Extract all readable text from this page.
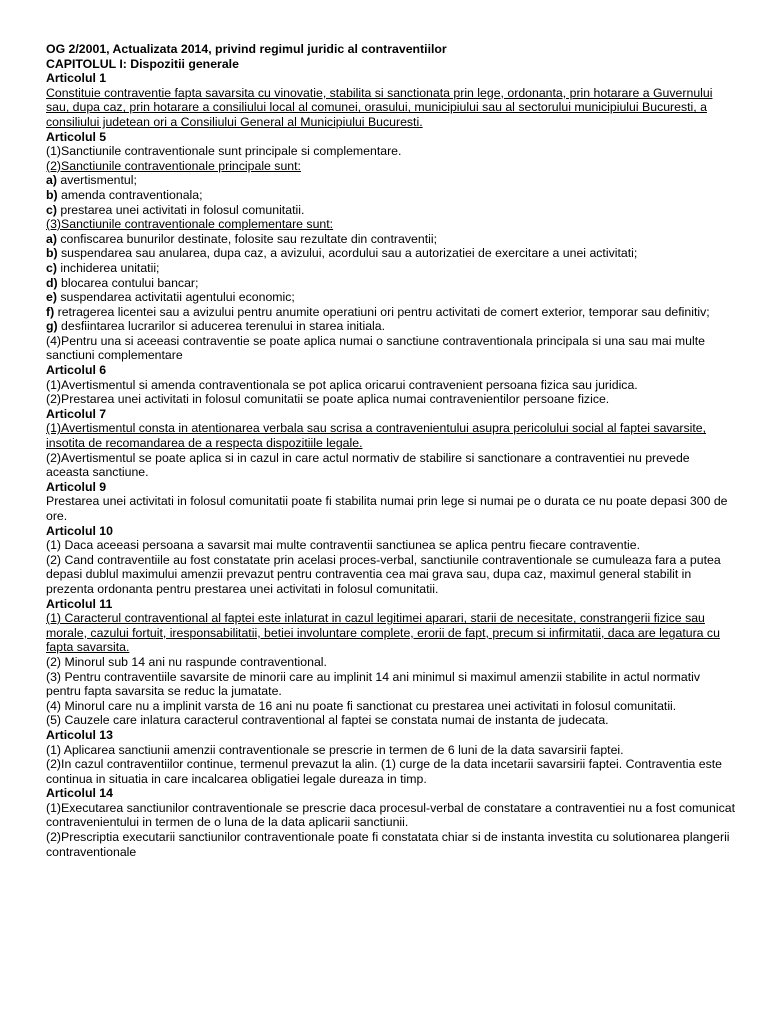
OG 2/2001, Actualizata 2014, privind regimul juridic al contraventiilor

CAPITOLUL I: Dispozitii generale

Articolul 1

Constituie contraventie fapta savarsita cu vinovatie, stabilita si sanctionata prin lege, ordonanta, prin hotarare a Guvernului sau, dupa caz, prin hotarare a consiliului local al comunei, orasului, municipiului sau al sectorului municipiului Bucuresti, a consiliului judetean ori a Consiliului General al Municipiului Bucuresti.

Articolul 5

(1)Sanctiunile contraventionale sunt principale si complementare.

(2)Sanctiunile contraventionale principale sunt:

a) avertismentul;

b) amenda contraventionala;

c) prestarea unei activitati in folosul comunitatii.

(3)Sanctiunile contraventionale complementare sunt:

a) confiscarea bunurilor destinate, folosite sau rezultate din contraventii;

b) suspendarea sau anularea, dupa caz, a avizului, acordului sau a autorizatiei de exercitare a unei activitati;

c) inchiderea unitatii;

d) blocarea contului bancar;

e) suspendarea activitatii agentului economic;

f) retragerea licentei sau a avizului pentru anumite operatiuni ori pentru activitati de comert exterior, temporar sau definitiv;

g) desfiintarea lucrarilor si aducerea terenului in starea initiala.

(4)Pentru una si aceeasi contraventie se poate aplica numai o sanctiune contraventionala principala si una sau mai multe sanctiuni complementare

Articolul 6

(1)Avertismentul si amenda contraventionala se pot aplica oricarui contravenient persoana fizica sau juridica.

(2)Prestarea unei activitati in folosul comunitatii se poate aplica numai contravenientilor persoane fizice.

Articolul 7

(1)Avertismentul consta in atentionarea verbala sau scrisa a contravenientului asupra pericolului social al faptei savarsite, insotita de recomandarea de a respecta dispozitiile legale.

(2)Avertismentul se poate aplica si in cazul in care actul normativ de stabilire si sanctionare a contraventiei nu prevede aceasta sanctiune.

Articolul 9

Prestarea unei activitati in folosul comunitatii poate fi stabilita numai prin lege si numai pe o durata ce nu poate depasi 300 de ore.

Articolul 10

(1) Daca aceeasi persoana a savarsit mai multe contraventii sanctiunea se aplica pentru fiecare contraventie.

(2) Cand contraventiile au fost constatate prin acelasi proces-verbal, sanctiunile contraventionale se cumuleaza fara a putea depasi dublul maximului amenzii prevazut pentru contraventia cea mai grava sau, dupa caz, maximul general stabilit in prezenta ordonanta pentru prestarea unei activitati in folosul comunitatii.

Articolul 11

(1) Caracterul contraventional al faptei este inlaturat in cazul legitimei aparari, starii de necesitate, constrangerii fizice sau morale, cazului fortuit, iresponsabilitatii, betiei involuntare complete, erorii de fapt, precum si infirmitatii, daca are legatura cu fapta savarsita.

(2) Minorul sub 14 ani nu raspunde contraventional.

(3) Pentru contraventiile savarsite de minorii care au implinit 14 ani minimul si maximul amenzii stabilite in actul normativ pentru fapta savarsita se reduc la jumatate.

(4) Minorul care nu a implinit varsta de 16 ani nu poate fi sanctionat cu prestarea unei activitati in folosul comunitatii.

(5) Cauzele care inlatura caracterul contraventional al faptei se constata numai de instanta de judecata.

Articolul 13

(1) Aplicarea sanctiunii amenzii contraventionale se prescrie in termen de 6 luni de la data savarsirii faptei.

(2)In cazul contraventiilor continue, termenul prevazut la alin. (1) curge de la data incetarii savarsirii faptei. Contraventia este continua in situatia in care incalcarea obligatiei legale dureaza in timp.

Articolul 14

(1)Executarea sanctiunilor contraventionale se prescrie daca procesul-verbal de constatare a contraventiei nu a fost comunicat contravenientului in termen de o luna de la data aplicarii sanctiunii.

(2)Prescriptia executarii sanctiunilor contraventionale poate fi constatata chiar si de instanta investita cu solutionarea plangerii contraventionale
